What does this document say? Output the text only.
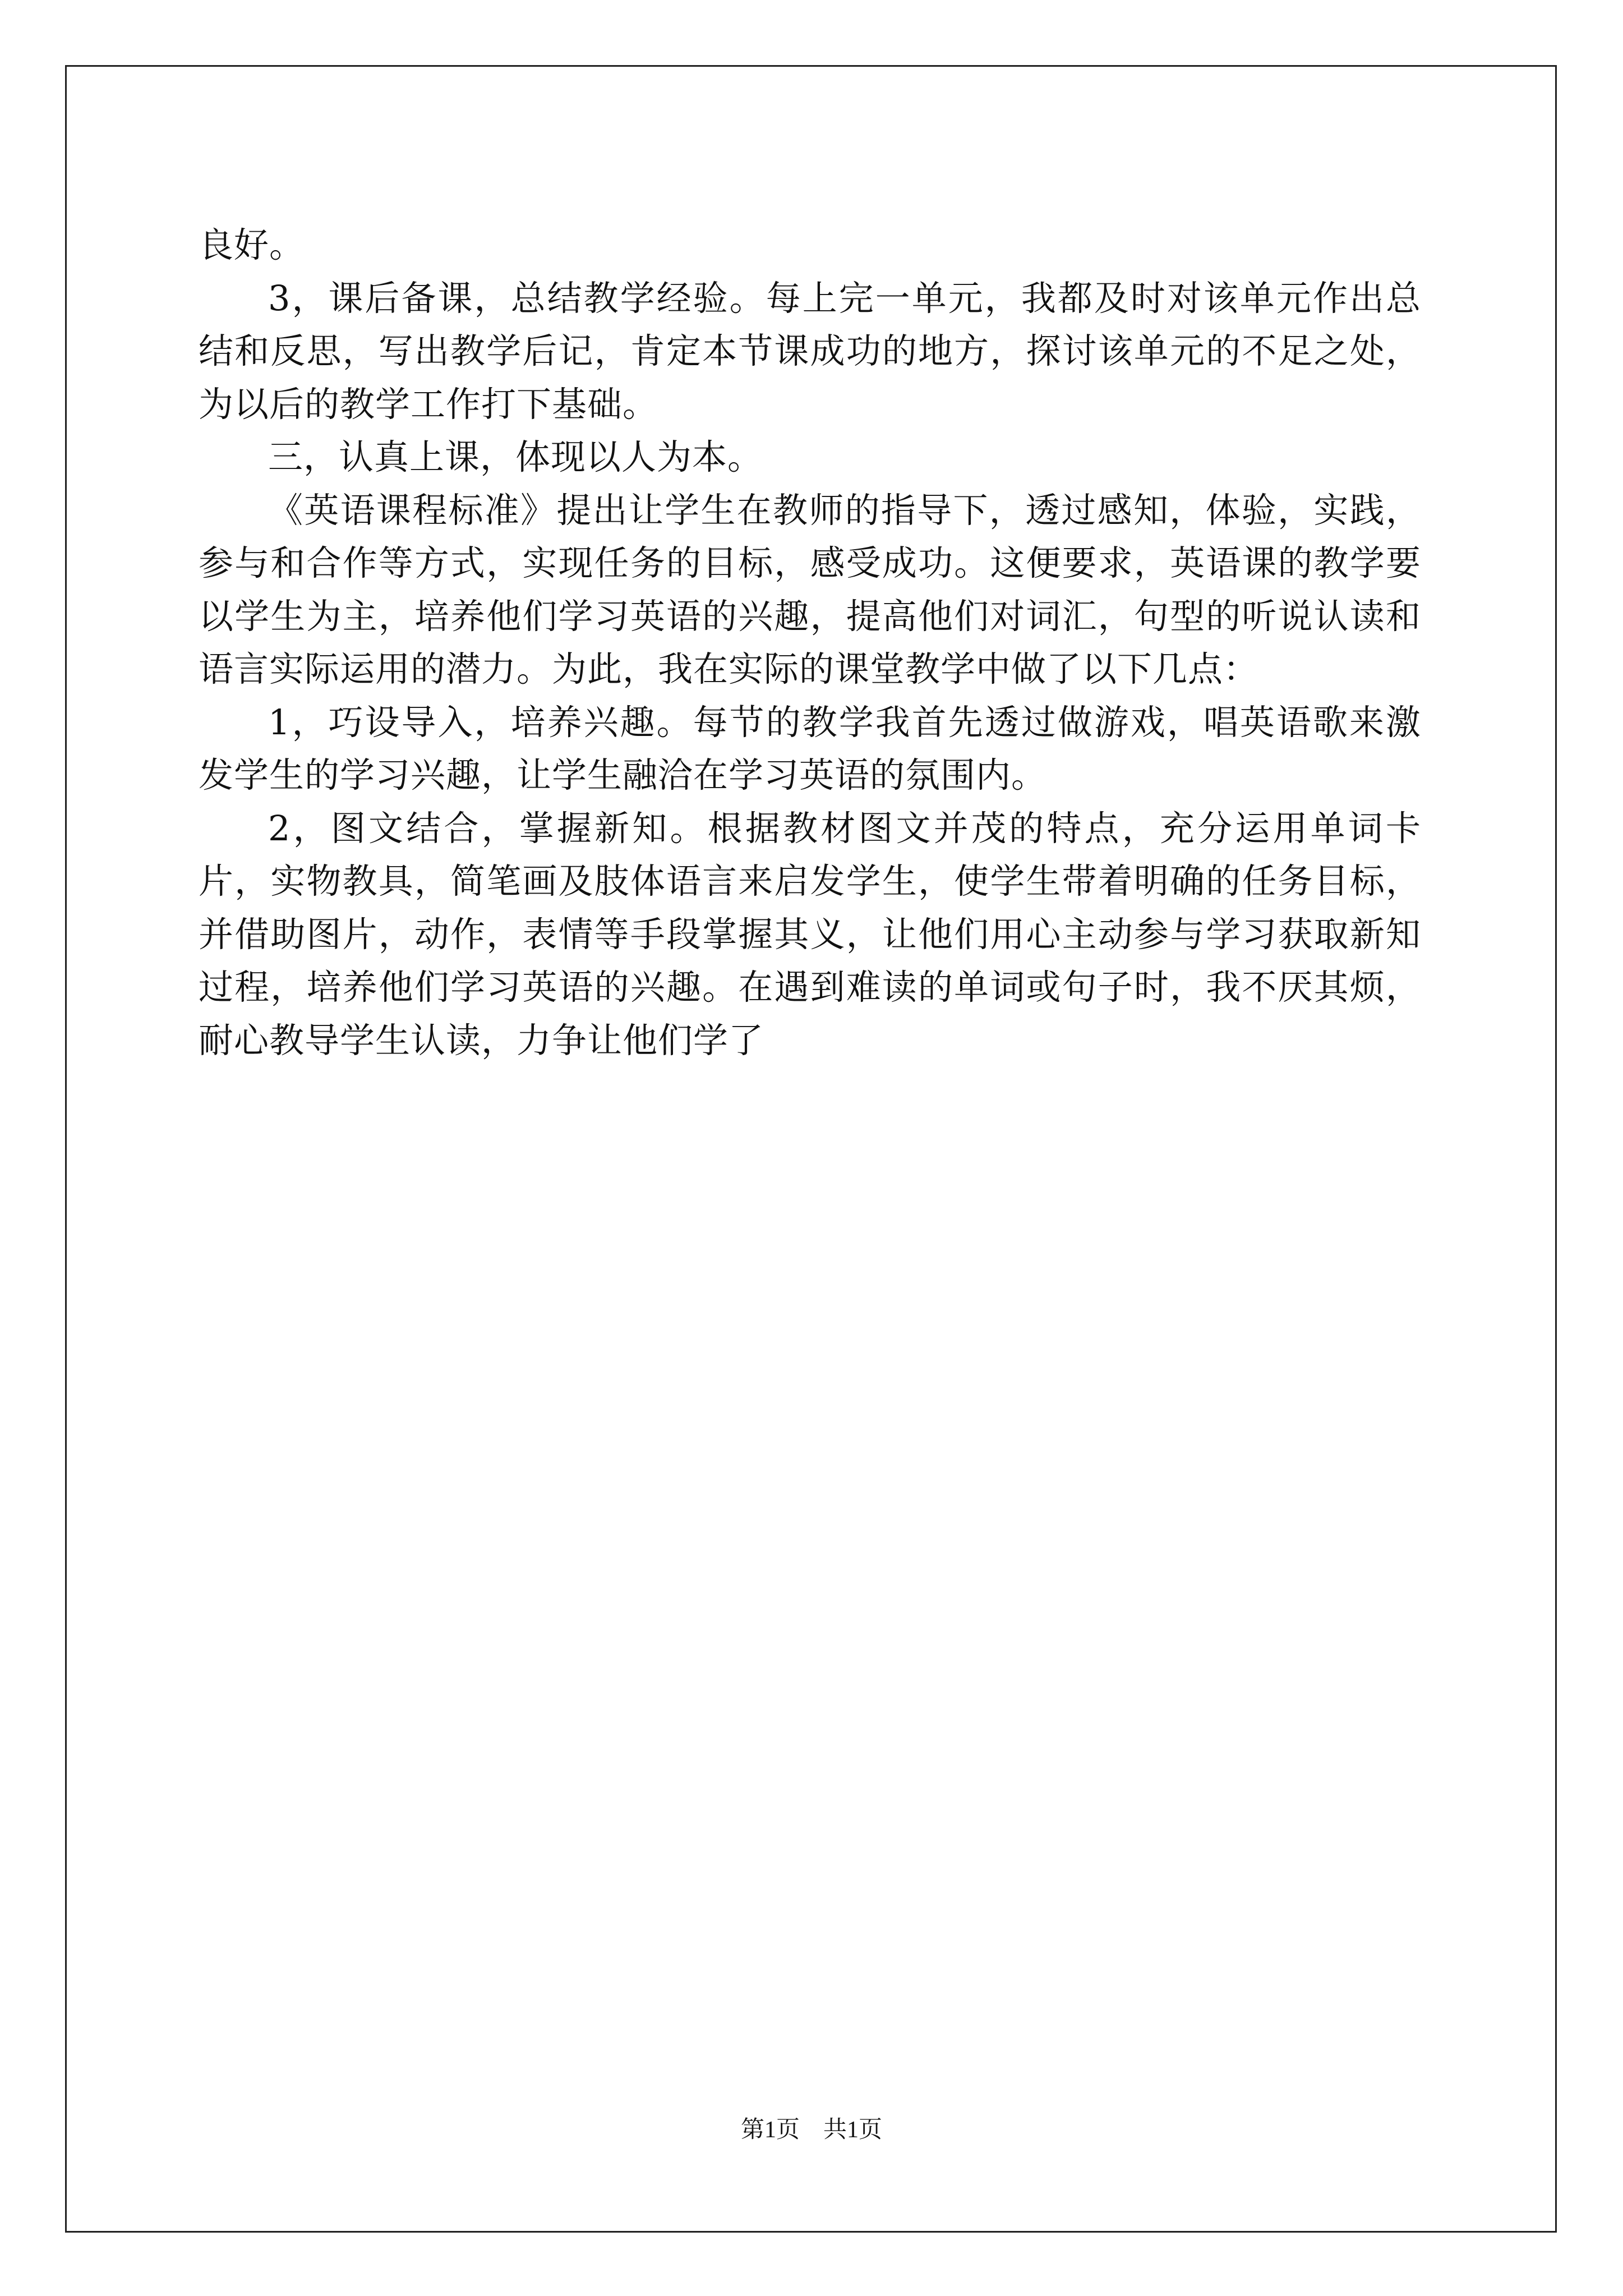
良好。

3，课后备课，总结教学经验。每上完一单元，我都及时对该单元作出总结和反思，写出教学后记，肯定本节课成功的地方，探讨该单元的不足之处，为以后的教学工作打下基础。

三，认真上课，体现以人为本。

《英语课程标准》提出让学生在教师的指导下，透过感知，体验，实践，参与和合作等方式，实现任务的目标，感受成功。这便要求，英语课的教学要以学生为主，培养他们学习英语的兴趣，提高他们对词汇，句型的听说认读和语言实际运用的潜力。为此，我在实际的课堂教学中做了以下几点：

1，巧设导入，培养兴趣。每节的教学我首先透过做游戏，唱英语歌来激发学生的学习兴趣，让学生融洽在学习英语的氛围内。

2，图文结合，掌握新知。根据教材图文并茂的特点，充分运用单词卡片，实物教具，简笔画及肢体语言来启发学生，使学生带着明确的任务目标，并借助图片，动作，表情等手段掌握其义，让他们用心主动参与学习获取新知过程，培养他们学习英语的兴趣。在遇到难读的单词或句子时，我不厌其烦，耐心教导学生认读，力争让他们学了

第1页 共1页
